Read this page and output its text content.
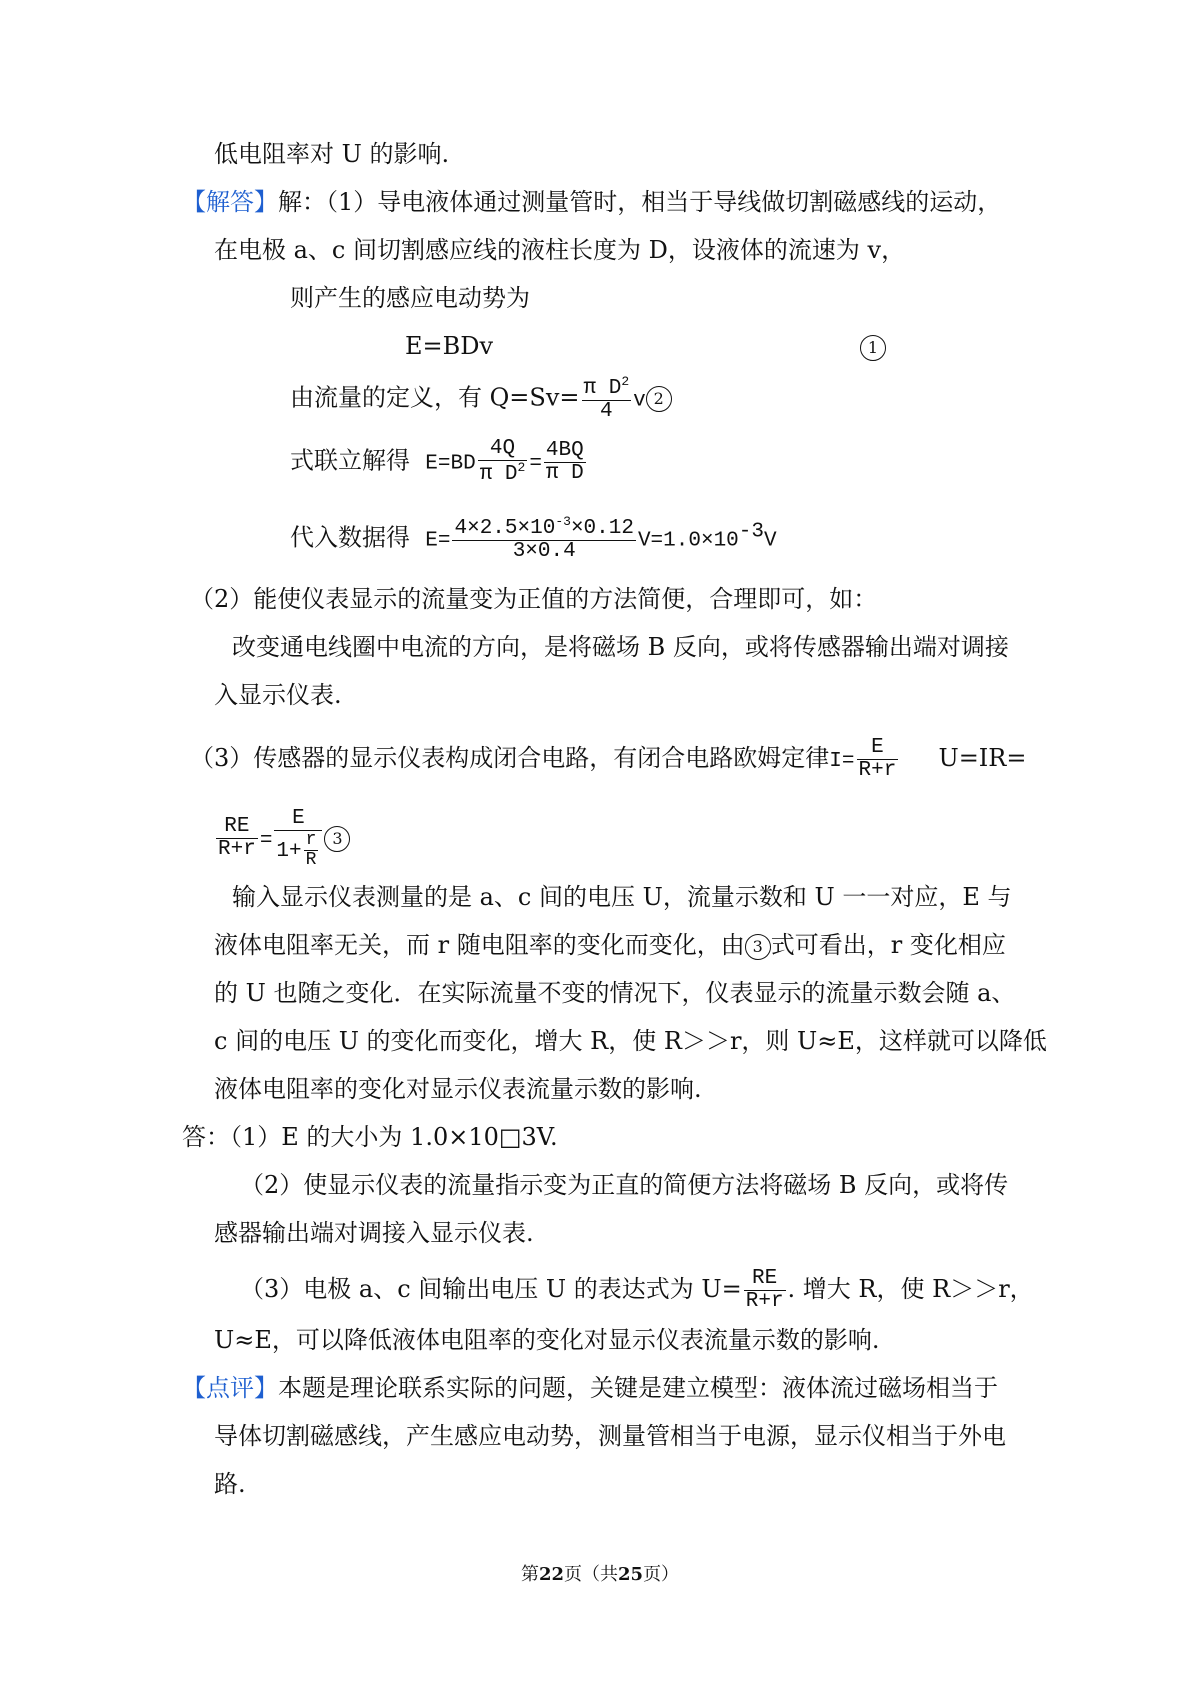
低电阻率对 U 的影响.
【解答】解：（1）导电液体通过测量管时，相当于导线做切割磁感线的运动，
在电极 a、c 间切割感应线的液柱长度为 D，设液体的流速为 v，
则产生的感应电动势为
E=BDv	1
由流量的定义，有 $Q=Sv= \frac{\pi D^2}{4}$ v 2
式联立解得 $E=BD \frac{4Q}{\pi D^2} = \frac{4BQ}{\text{π D}}$
代入数据得 $E= \frac{4\times 2.5\times 10^{-3}\times 0.12}{3\times 0.4} V=1.0\times 10^{-3}V$
（2）能使仪表显示的流量变为正值的方法简便，合理即可，如：
改变通电线圈中电流的方向，是将磁场 B 反向，或将传感器输出端对调接
入显示仪表.
（3）传感器的显示仪表构成闭合电路，有闭合电路欧姆定律$I= \frac{E}{R+r} U=IR=$
$\frac{RE}{R+r} = \frac{E}{1+ \frac{r}{R}} 3$
输入显示仪表测量的是 a、c 间的电压 U，流量示数和 U 一一对应，E 与
液体电阻率无关，而 r 随电阻率的变化而变化，由 3 式可看出，r 变化相应
的 U 也随之变化．在实际流量不变的情况下，仪表显示的流量示数会随 a、
c 间的电压 U 的变化而变化，增大 R，使 R＞＞r，则 U≈E，这样就可以降低
液体电阻率的变化对显示仪表流量示数的影响.
答：（1）E 的大小为 1.0×10□3V.
（2）使显示仪表的流量指示变为正直的简便方法将磁场 B 反向，或将传
感器输出端对调接入显示仪表.
（3）电极 a、c 间输出电压 U 的表达式为 $U= \frac{RE}{R+r}$ . 增大 R，使 R＞＞r，
U≈E，可以降低液体电阻率的变化对显示仪表流量示数的影响.
【点评】本题是理论联系实际的问题，关键是建立模型：液体流过磁场相当于
导体切割磁感线，产生感应电动势，测量管相当于电源，显示仪相当于外电
路.
第22页（共25页）
